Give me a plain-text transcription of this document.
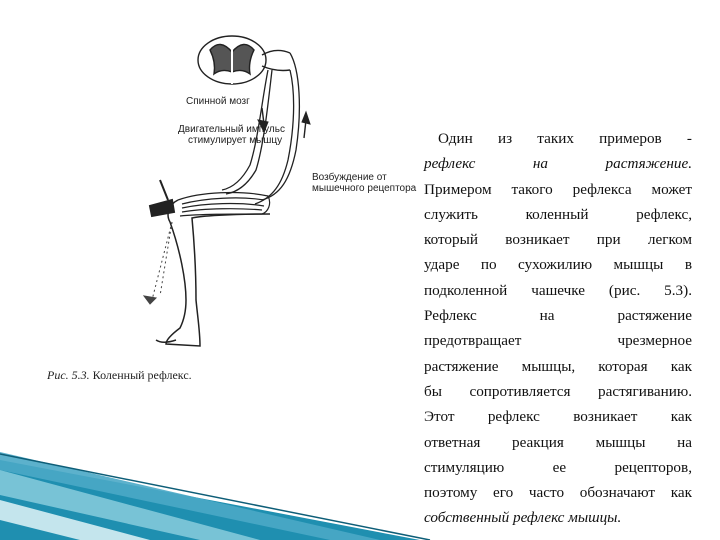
Спинной мозг
Двигательный импульс
стимулирует мышцу
Возбуждение от
мышечного рецептора
Рис. 5.3. Коленный рефлекс.
Один из таких примеров -
рефлекс на растяжение.
Примером такого рефлекса может
служить коленный рефлекс,
который возникает при легком
ударе по сухожилию мышцы в
подколенной чашечке (рис. 5.3).
Рефлекс на растяжение
предотвращает чрезмерное
растяжение мышцы, которая как
бы сопротивляется растягиванию.
Этот рефлекс возникает как
ответная реакция мышцы на
стимуляцию ее рецепторов,
поэтому его часто обозначают как
собственный рефлекс мышцы.
